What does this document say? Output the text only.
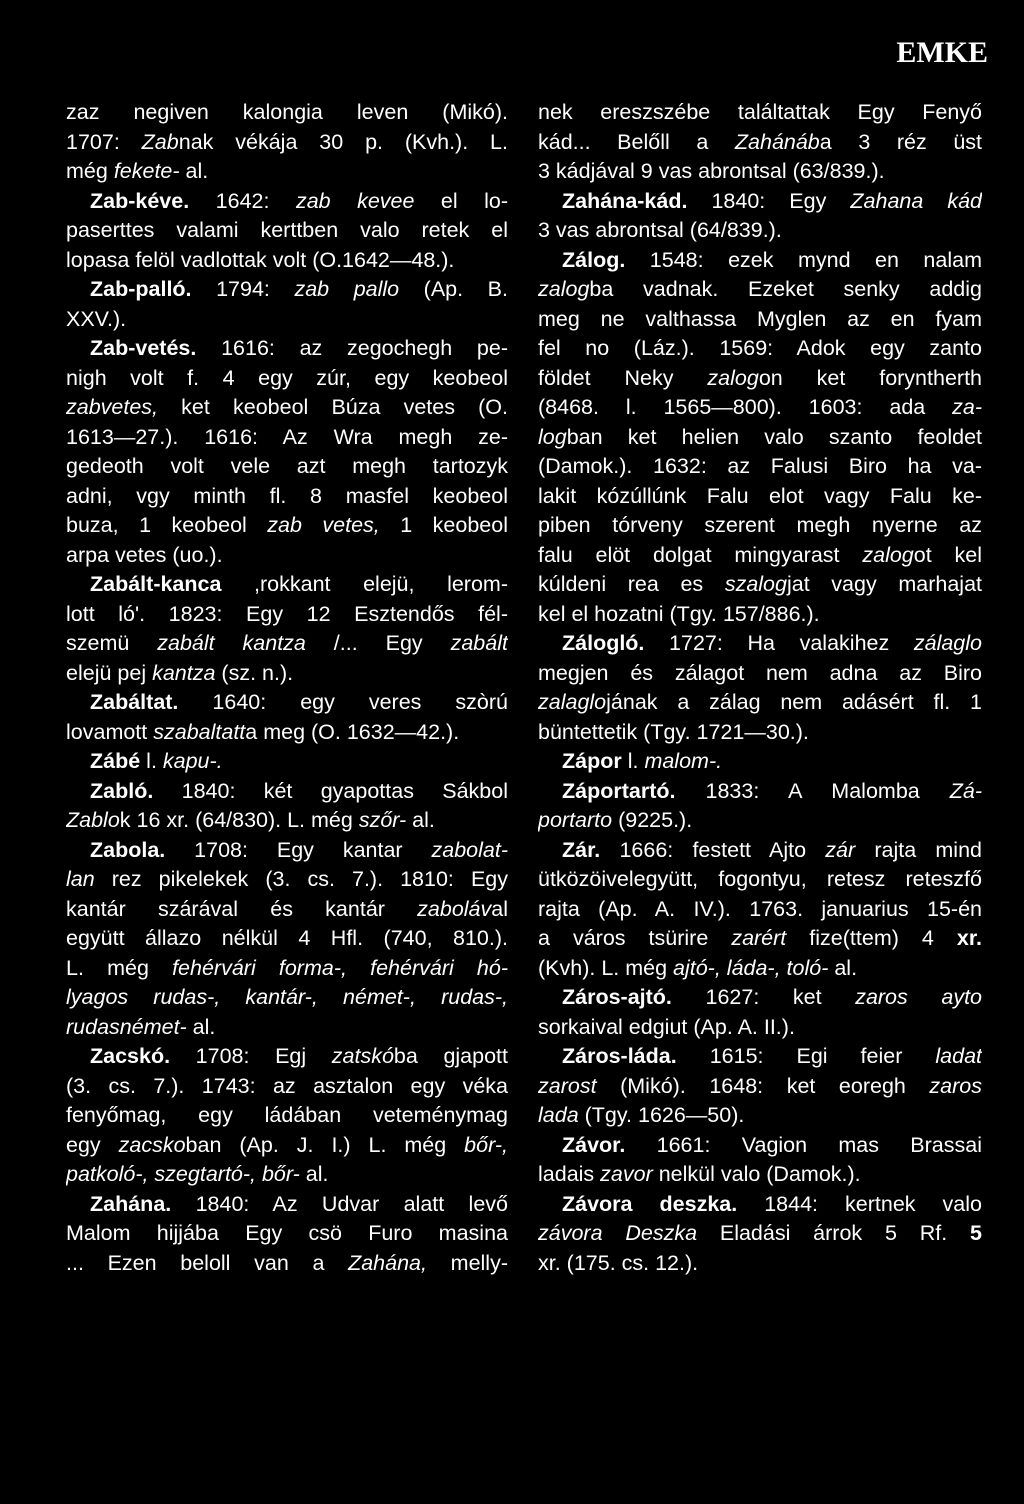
EMKE
zaz negiven kalongia leven (Mikó).
1707: Zabnak vékája 30 p. (Kvh.). L.
még fekete- al.
Zab-kéve. 1642: zab kevee el lo-
paserttes valami kerttben valo retek el
lopasa felöl vadlottak volt (O.1642—48.).
Zab-palló. 1794: zab pallo (Ap. B.
XXV.).
Zab-vetés. 1616: az zegochegh pe-
nigh volt f. 4 egy zúr, egy keobeol
zabvetes, ket keobeol Búza vetes (O.
1613—27.). 1616: Az Wra megh ze-
gedeoth volt vele azt megh tartozyk
adni, vgy minth fl. 8 masfel keobeol
buza, 1 keobeol zab vetes, 1 keobeol
arpa vetes (uo.).
Zabált-kanca ,rokkant elejü, lerom-
lott ló'. 1823: Egy 12 Esztendős fél-
szemü zabált kantza /... Egy zabált
elejü pej kantza (sz. n.).
Zabáltat. 1640: egy veres szòrú
lovamott szabaltatta meg (O. 1632—42.).
Zábé l. kapu-.
Zabló. 1840: két gyapottas Sákbol
Zablok 16 xr. (64/830). L. még szőr- al.
Zabola. 1708: Egy kantar zabolat-
lan rez pikelekek (3. cs. 7.). 1810: Egy
kantár szárával és kantár zabolával
együtt állazo nélkül 4 Hfl. (740, 810.).
L. még fehérvári forma-, fehérvári hó-
lyagos rudas-, kantár-, német-, rudas-,
rudasnémet- al.
Zacskó. 1708: Egj zatskóba gjapott
(3. cs. 7.). 1743: az asztalon egy véka
fenyőmag, egy ládában veteménymag
egy zacskoban (Ap. J. I.) L. még bőr-,
patkoló-, szegtartó-, bőr- al.
Zahána. 1840: Az Udvar alatt levő
Malom hijjába Egy csö Furo masina
... Ezen beloll van a Zahána, melly-
nek ereszszébe találtattak Egy Fenyő
kád... Belőll a Zahánába 3 réz üst
3 kádjával 9 vas abrontsal (63/839.).
Zahána-kád. 1840: Egy Zahana kád
3 vas abrontsal (64/839.).
Zálog. 1548: ezek mynd en nalam
zalogba vadnak. Ezeket senky addig
meg ne valthassa Myglen az en fyam
fel no (Láz.). 1569: Adok egy zanto
földet Neky zalogon ket foryntherth
(8468. l. 1565—800). 1603: ada za-
logban ket helien valo szanto feoldet
(Damok.). 1632: az Falusi Biro ha va-
lakit kózúllúnk Falu elot vagy Falu ke-
piben tórveny szerent megh nyerne az
falu elöt dolgat mingyarast zalogot kel
kúldeni rea es szalogjat vagy marhajat
kel el hozatni (Tgy. 157/886.).
Zálogló. 1727: Ha valakihez zálaglo
megjen és zálagot nem adna az Biro
zalaglojának a zálag nem adásért fl. 1
büntettetik (Tgy. 1721—30.).
Zápor l. malom-.
Záportartó. 1833: A Malomba Zá-
portarto (9225.).
Zár. 1666: festett Ajto zár rajta mind
ütközöivelegyütt, fogontyu, retesz reteszfő
rajta (Ap. A. IV.). 1763. januarius 15-én
a város tsürire zarért fize(ttem) 4 xr.
(Kvh). L. még ajtó-, láda-, toló- al.
Záros-ajtó. 1627: ket zaros ayto
sorkaival edgiut (Ap. A. II.).
Záros-láda. 1615: Egi feier ladat
zarost (Mikó). 1648: ket eoregh zaros
lada (Tgy. 1626—50).
Závor. 1661: Vagion mas Brassai
ladais zavor nelkül valo (Damok.).
Závora deszka. 1844: kertnek valo
závora Deszka Eladási árrok 5 Rf. 5
xr. (175. cs. 12.).
